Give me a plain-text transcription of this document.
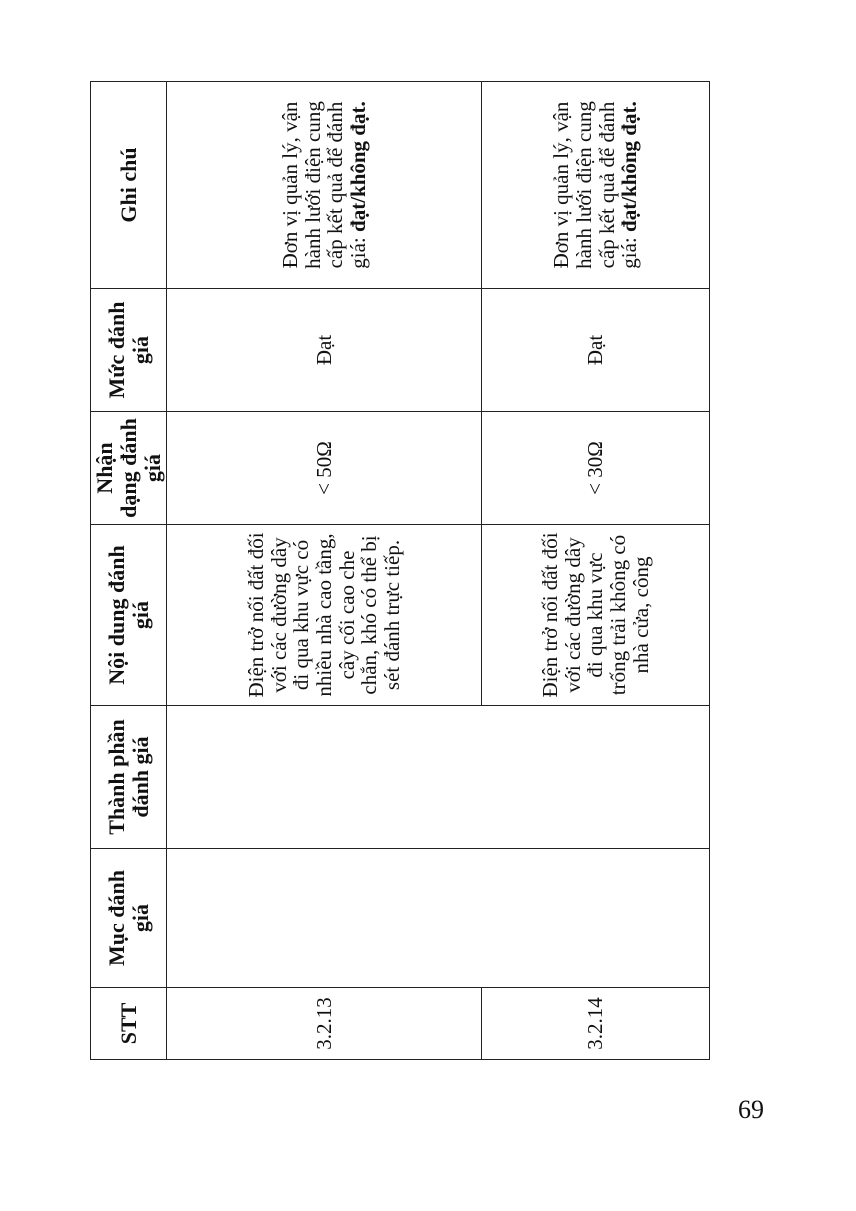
STT	Mục đánh giá	Thành phần đánh giá	Nội dung đánh giá	Nhận dạng đánh giá	Mức đánh giá	Ghi chú
3.2.13			Điện trở nối đất đối với các đường dây đi qua khu vực có nhiều nhà cao tầng, cây cối cao che chắn, khó có thể bị sét đánh trực tiếp.	< 50Ω	Đạt	Đơn vị quản lý, vận hành lưới điện cung cấp kết quả để đánh giá: đạt/không đạt.
3.2.14			Điện trở nối đất đối với các đường dây đi qua khu vực trống trải không có nhà cửa, công	< 30Ω	Đạt	Đơn vị quản lý, vận hành lưới điện cung cấp kết quả để đánh giá: đạt/không đạt.
69
